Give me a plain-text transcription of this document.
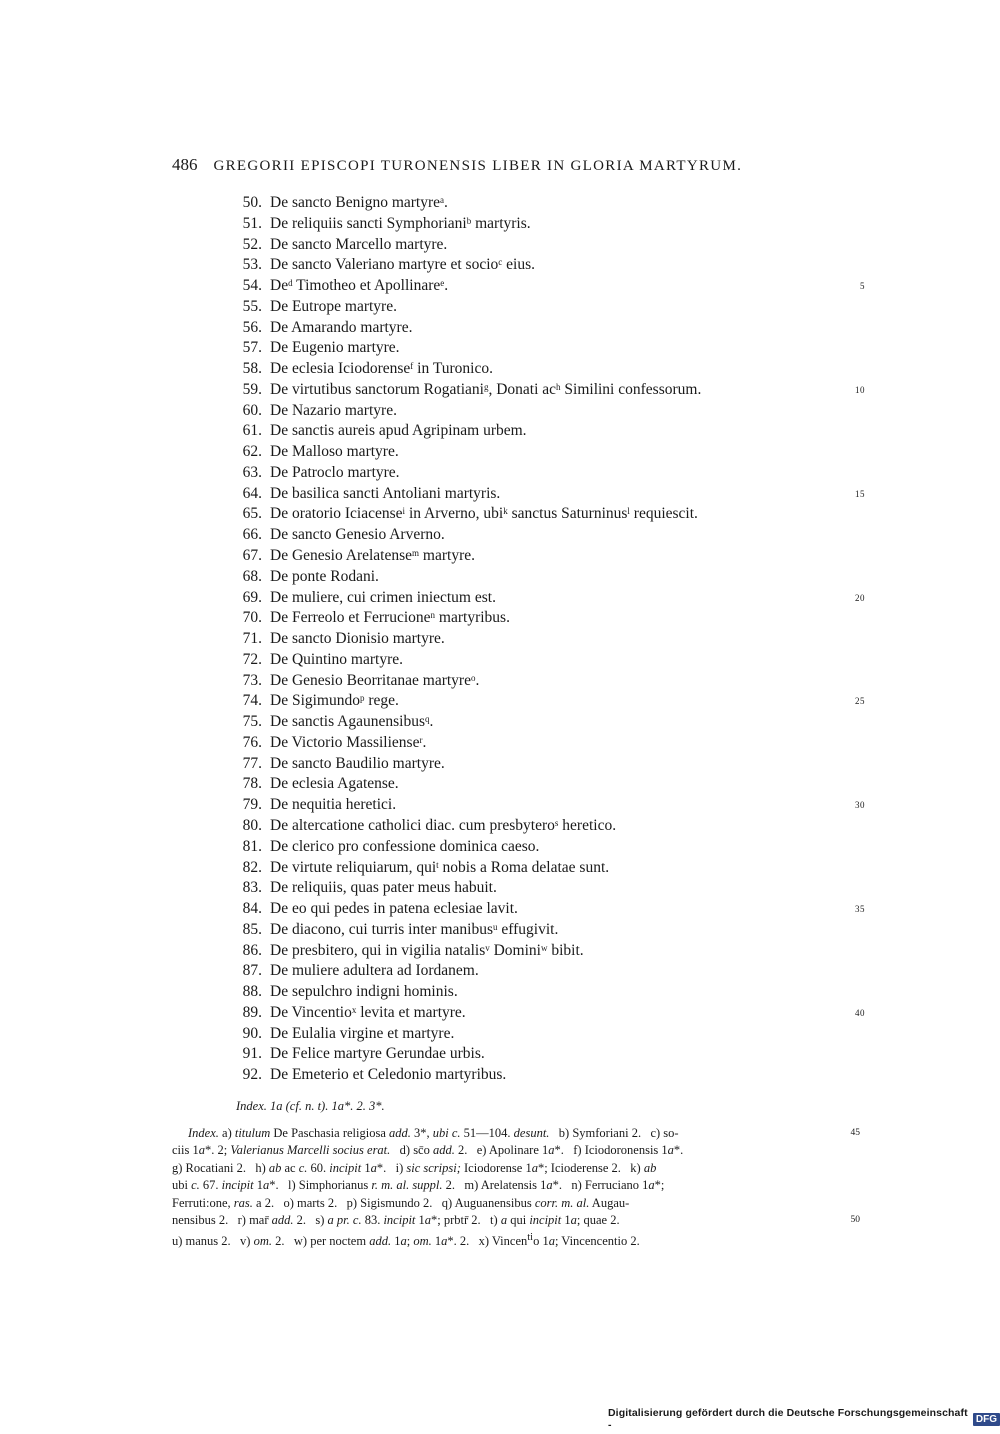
486 GREGORII EPISCOPI TURONENSIS LIBER IN GLORIA MARTYRUM.
50. De sancto Benigno martyre$^a$.
51. De reliquiis sancti Symphoriani$^b$ martyris.
52. De sancto Marcello martyre.
53. De sancto Valeriano martyre et socio$^c$ eius.
54. De$^d$ Timotheo et Apollinare$^e$.	5
55. De Eutrope martyre.
56. De Amarando martyre.
57. De Eugenio martyre.
58. De eclesia Iciodorense$^f$ in Turonico.
59. De virtutibus sanctorum Rogatiani$^g$, Donati $ac^h$ Similini confessorum.	10
60. De Nazario martyre.
61. De sanctis aureis apud Agripinam urbem.
62. De Malloso martyre.
63. De Patroclo martyre.
64. De basilica sancti Antoliani martyris.	15
65. De oratorio Iciacense$^i$ in Arverno, ubi$^k$ sanctus Saturninus$^l$ requiescit.
66. De sancto Genesio Arverno.
67. De Genesio Arelatense$^m$ martyre.
68. De ponte Rodani.
69. De muliere, cui crimen iniectum est.	20
70. De Ferreolo et Ferrucione$^n$ martyribus.
71. De sancto Dionisio martyre.
72. De Quintino martyre.
73. De Genesio Beorritanae martyre$^o$.
74. De Sigimundo$^p$ rege.	25
75. De sanctis Agaunensibus$^q$.
76. De Victorio Massiliense$^r$.
77. De sancto Baudilio martyre.
78. De eclesia Agatense.
79. De nequitia heretici.	30
80. De altercatione catholici diac. cum presbytero$^s$ heretico.
81. De clerico pro confessione dominica caeso.
82. De virtute reliquiarum, qui$^t$ nobis a Roma delatae sunt.
83. De reliquiis, quas pater meus habuit.
84. De eo qui pedes in patena eclesiae lavit.	35
85. De diacono, cui turris inter manibus$^u$ effugivit.
86. De presbitero, qui in vigilia natalis$^v$ Domini$^w$ bibit.
87. De muliere adultera ad Iordanem.
88. De sepulchro indigni hominis.
89. De Vincentio$^x$ levita et martyre.	40
90. De Eulalia virgine et martyre.
91. De Felice martyre Gerundae urbis.
92. De Emeterio et Celedonio martyribus.
Index. 1a (cf. n. t). 1a*. 2. 3*.
Index. a) titulum De Paschasia religiosa add. 3*, ubi c. 51—104. desunt.   b) Symforiani 2.   c) so-	45
ciis 1a*. 2; Valerianus Marcelli socius erat.   d) sc̄o add. 2.   e) Apolinare 1a*.   f) Iciodoronensis 1a*.
g) Rocatiani 2.   h) ab ac c. 60. incipit 1a*.   i) sic scripsi; Iciodorense 1a*; Icioderense 2.   k) ab
ubi c. 67. incipit 1a*.   l) Simphorianus r. m. al. suppl. 2.   m) Arelatensis 1a*.   n) Ferruciano 1a*;
Ferruti:one, ras. a 2.   o) marts 2.   p) Sigismundo 2.   q) Auguanensibus corr. m. al. Augau-
nensibus 2.   r) mar̄ add. 2.   s) a pr. c. 83. incipit 1a*; prbtr̄ 2.   t) a qui incipit 1a; quae 2.	50
u) manus 2.   v) om. 2.   w) per noctem add. 1a; om. 1a*. 2.   x) Vincen$^{ti}$o 1a; Vincencentio 2.
Digitalisierung gefördert durch die Deutsche Forschungsgemeinschaft -	DFG
